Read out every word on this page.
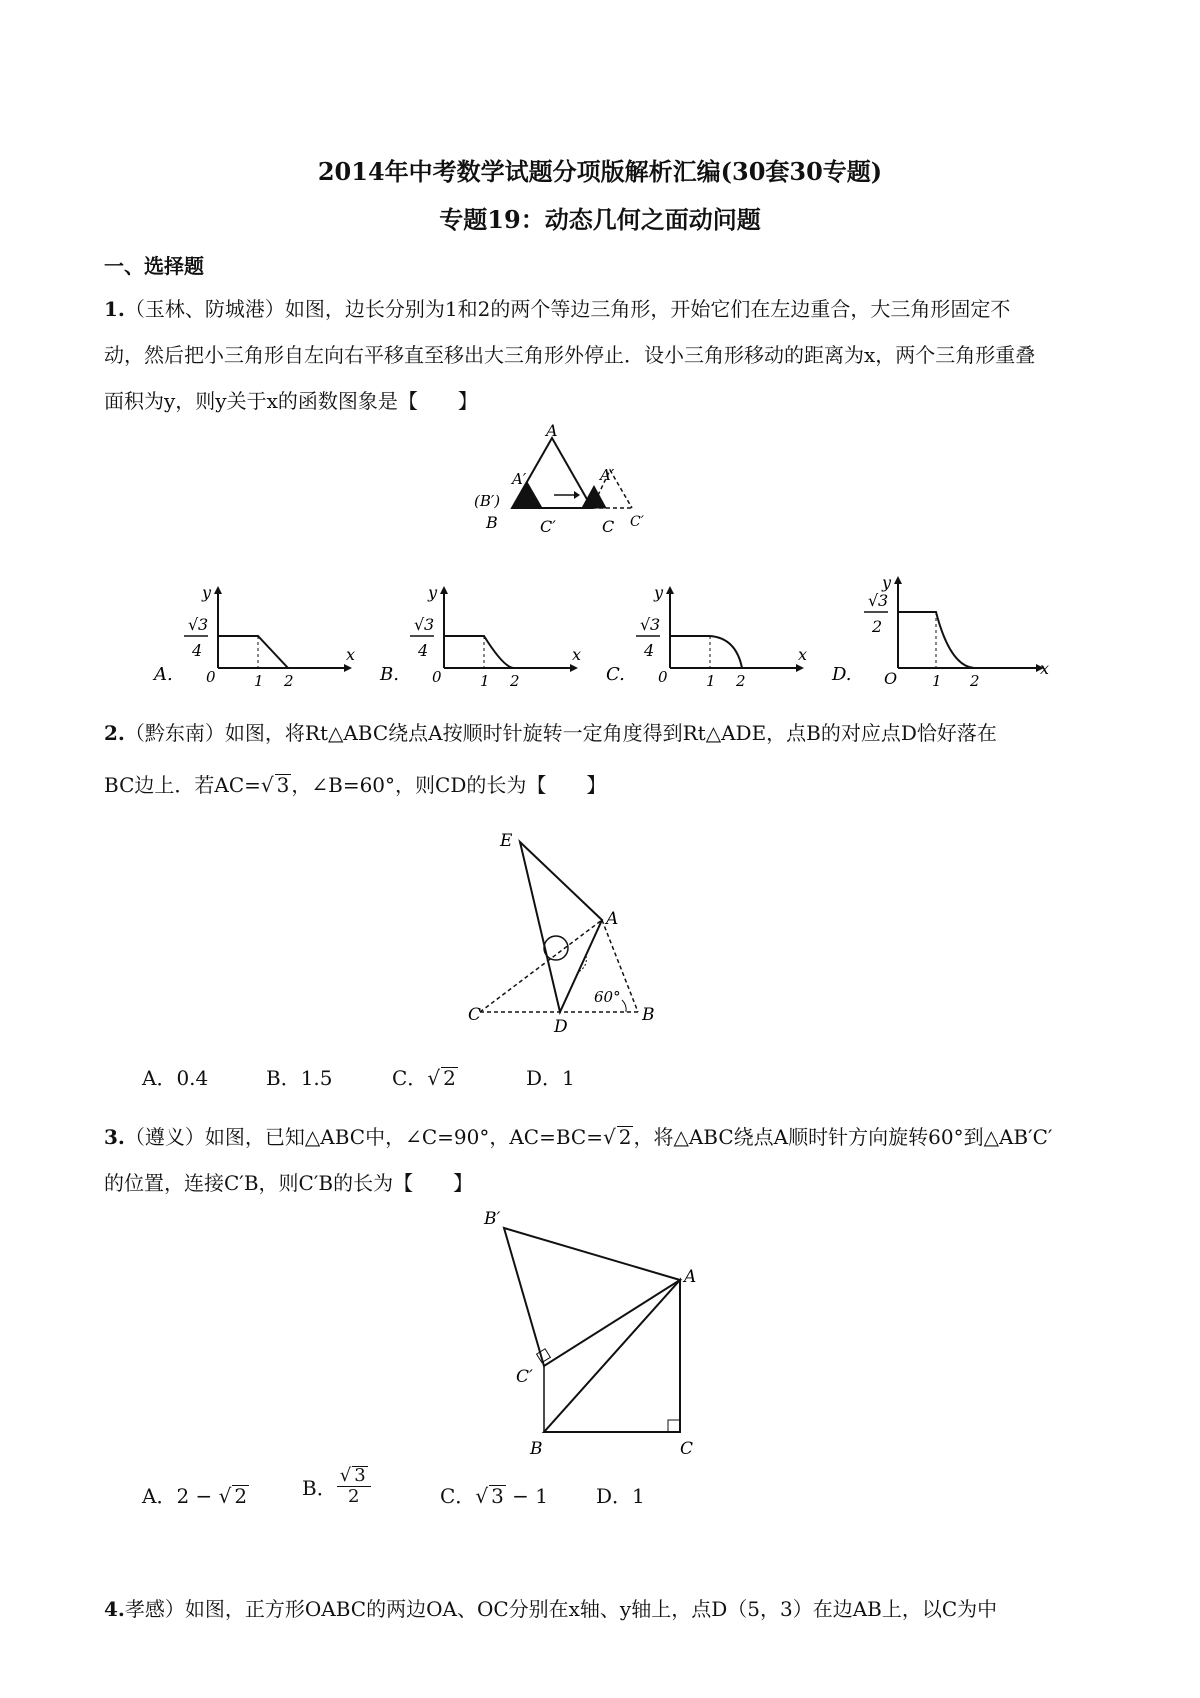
2014年中考数学试题分项版解析汇编(30套30专题)
专题19：动态几何之面动问题
一、选择题
1.（玉林、防城港）如图，边长分别为1和2的两个等边三角形，开始它们在左边重合，大三角形固定不
动，然后把小三角形自左向右平移直至移出大三角形外停止．设小三角形移动的距离为x，两个三角形重叠
面积为y，则y关于x的函数图象是【　　】
A
A′	A′
(B′)
B	C′	C C′
A.
√ 3
4
0	1 2
x
y
B.
√ 3
4
0	1 2
x
y
C.
√ 3
4
0	1 2
x
y
D.
√ 3
2
O 1 2
x
y
2.（黔东南）如图，将Rt△ABC绕点A按顺时针旋转一定角度得到Rt△ADE，点B的对应点D恰好落在
BC边上．若AC=√ 3 ，∠B=60°，则CD的长为【　　】
E
A
C
D
B
60°
A．0.4	B．1.5	C．√ 2	D．1
3.（遵义）如图，已知△ABC中，∠C=90°，AC=BC=√ 2 ，将△ABC绕点A顺时针方向旋转60°到△AB′C′
的位置，连接C′B，则C′B的长为【　　】
B′
A
C′
B	C
A．2 − √ 2	B． $\frac{√ 3}{2}$	C．√ 3 − 1 D．1
4.孝感）如图，正方形OABC的两边OA、OC分别在x轴、y轴上，点D（5，3）在边AB上，以C为中
